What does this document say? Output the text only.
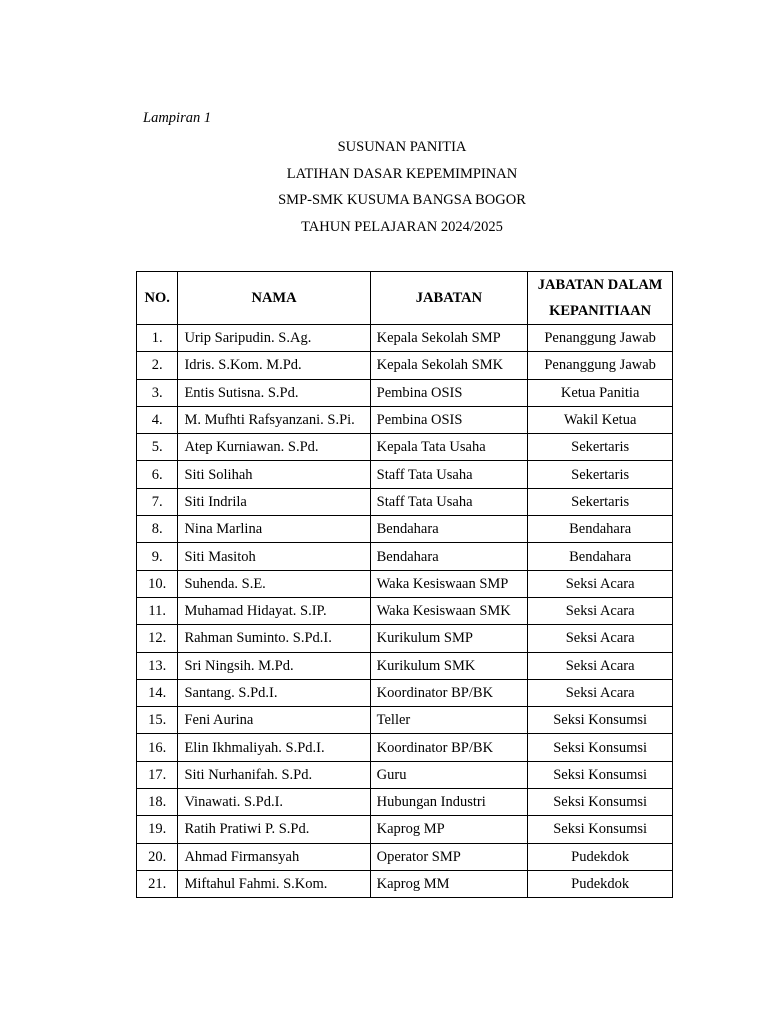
Lampiran 1
SUSUNAN PANITIA
LATIHAN DASAR KEPEMIMPINAN
SMP-SMK KUSUMA BANGSA BOGOR
TAHUN PELAJARAN 2024/2025
NO.	NAMA	JABATAN	JABATAN DALAM
KEPANITIAAN
1.	Urip Saripudin. S.Ag.	Kepala Sekolah SMP	Penanggung Jawab
2.	Idris. S.Kom. M.Pd.	Kepala Sekolah SMK	Penanggung Jawab
3.	Entis Sutisna. S.Pd.	Pembina OSIS	Ketua Panitia
4.	M. Mufhti Rafsyanzani. S.Pi.	Pembina OSIS	Wakil Ketua
5.	Atep Kurniawan. S.Pd.	Kepala Tata Usaha	Sekertaris
6.	Siti Solihah	Staff Tata Usaha	Sekertaris
7.	Siti Indrila	Staff Tata Usaha	Sekertaris
8.	Nina Marlina	Bendahara	Bendahara
9.	Siti Masitoh	Bendahara	Bendahara
10.	Suhenda. S.E.	Waka Kesiswaan SMP	Seksi Acara
11.	Muhamad Hidayat. S.IP.	Waka Kesiswaan SMK	Seksi Acara
12.	Rahman Suminto. S.Pd.I.	Kurikulum SMP	Seksi Acara
13.	Sri Ningsih. M.Pd.	Kurikulum SMK	Seksi Acara
14.	Santang. S.Pd.I.	Koordinator BP/BK	Seksi Acara
15.	Feni Aurina	Teller	Seksi Konsumsi
16.	Elin Ikhmaliyah. S.Pd.I.	Koordinator BP/BK	Seksi Konsumsi
17.	Siti Nurhanifah. S.Pd.	Guru	Seksi Konsumsi
18.	Vinawati. S.Pd.I.	Hubungan Industri	Seksi Konsumsi
19.	Ratih Pratiwi P. S.Pd.	Kaprog MP	Seksi Konsumsi
20.	Ahmad Firmansyah	Operator SMP	Pudekdok
21.	Miftahul Fahmi. S.Kom.	Kaprog MM	Pudekdok
